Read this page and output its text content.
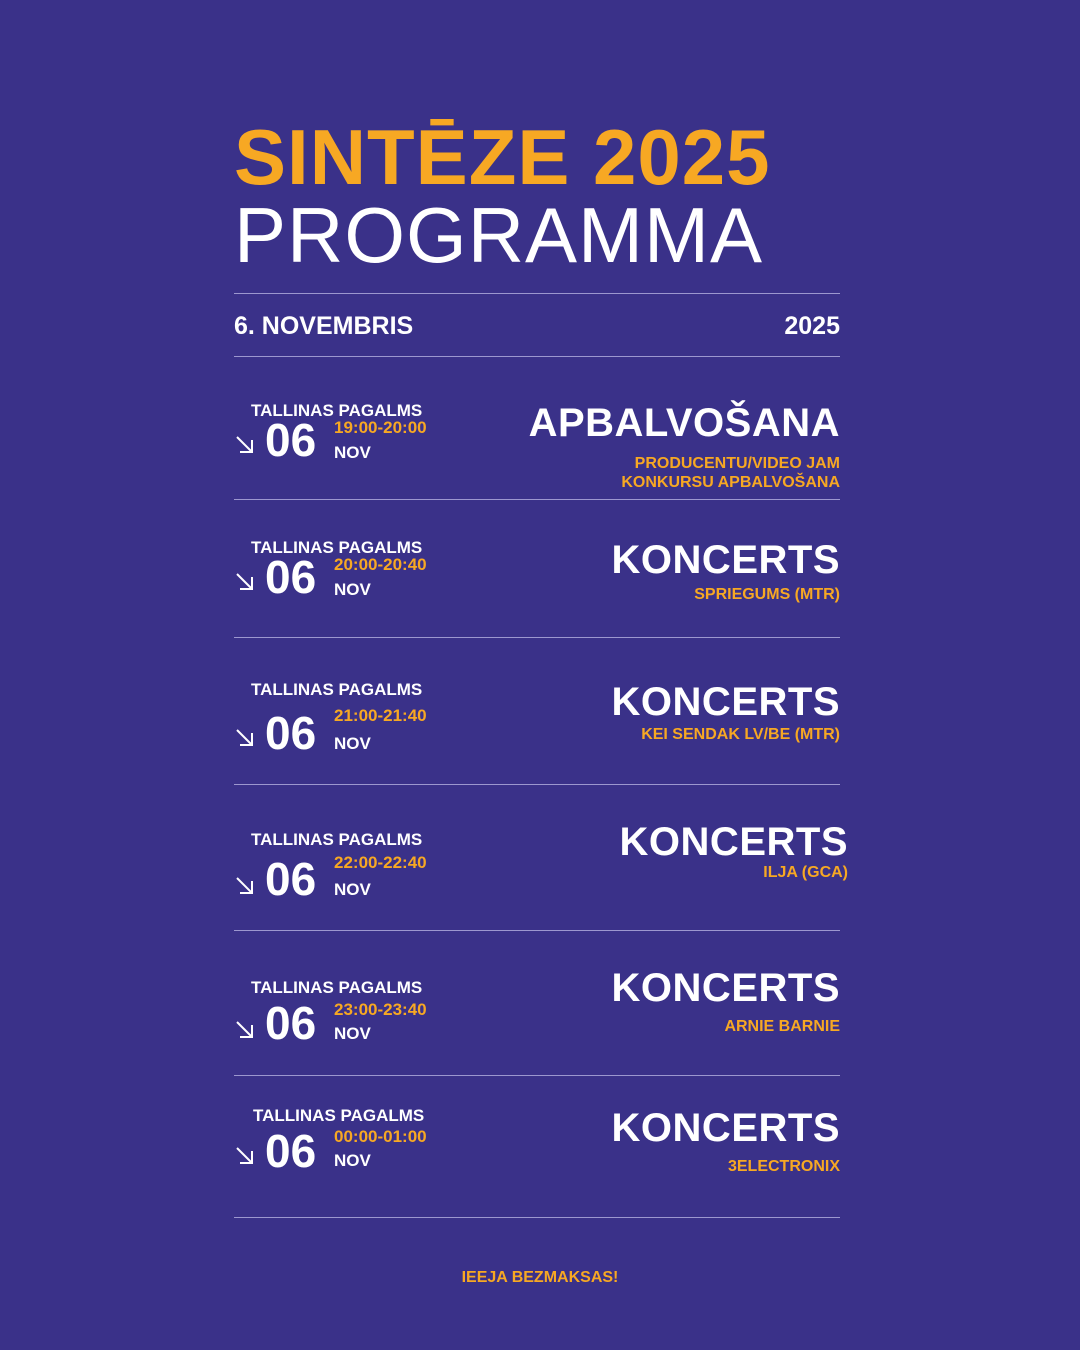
SINTĒZE 2025
PROGRAMMA
6. NOVEMBRIS	2025
TALLINAS PAGALMS
06 19:00-20:00
NOV
APBALVOŠANA
PRODUCENTU/VIDEO JAM
KONKURSU APBALVOŠANA
TALLINAS PAGALMS
06 20:00-20:40
NOV
KONCERTS
SPRIEGUMS (MTR)
TALLINAS PAGALMS
06 21:00-21:40
NOV
KONCERTS
KEI SENDAK LV/BE (MTR)
TALLINAS PAGALMS
06 22:00-22:40
NOV
KONCERTS
ILJA (GCA)
TALLINAS PAGALMS
06 23:00-23:40
NOV
KONCERTS
ARNIE BARNIE
TALLINAS PAGALMS
06 00:00-01:00
NOV
KONCERTS
3ELECTRONIX
IEEJA BEZMAKSAS!
